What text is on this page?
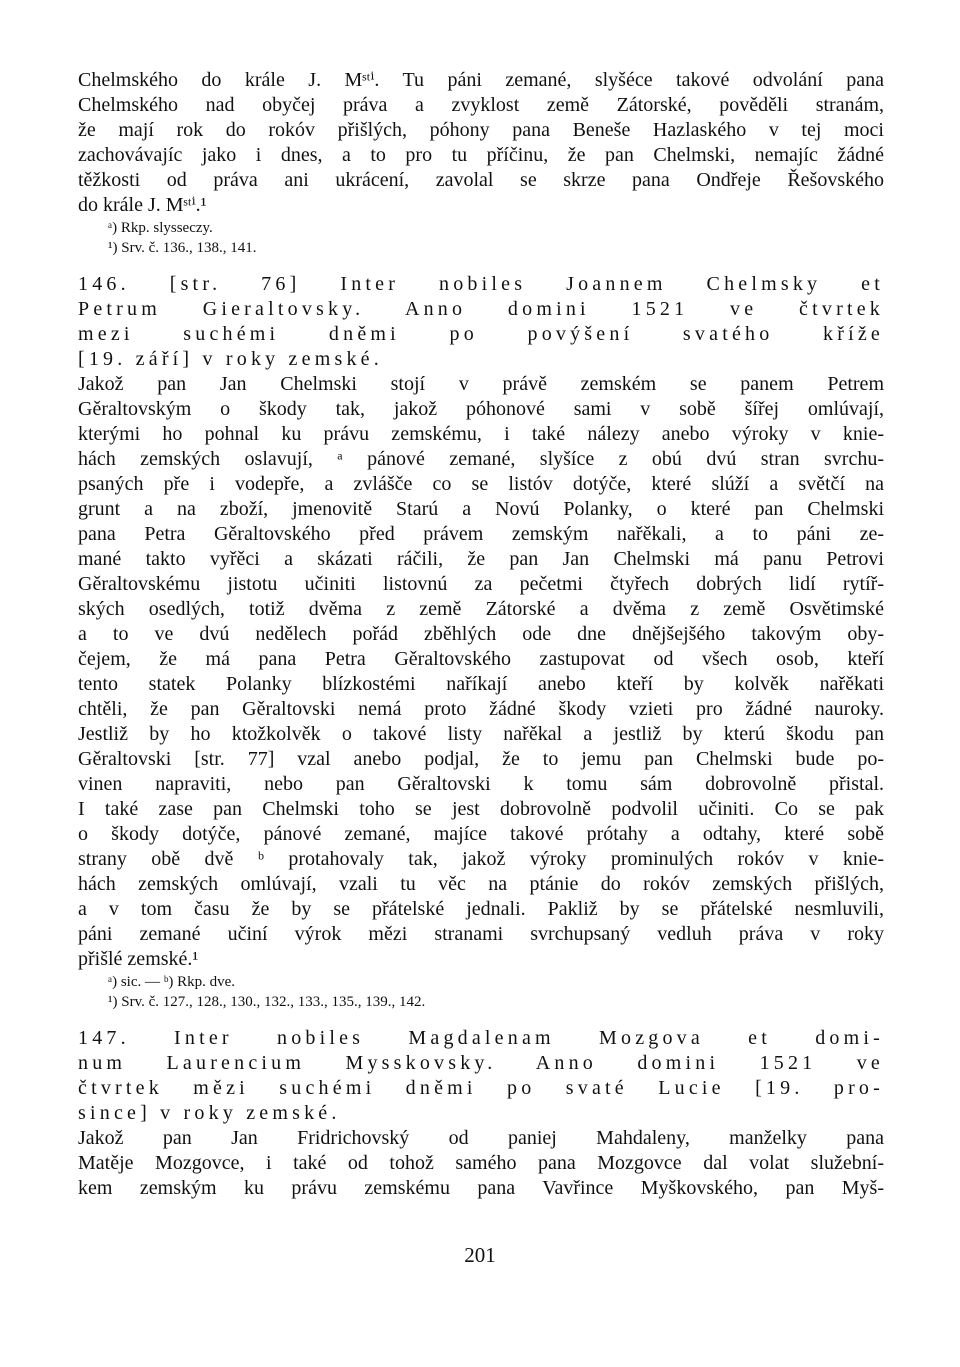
Chelmského do krále J. Mˢᵗⁱ. Tu páni zemané, slyšéce takové odvolání pana

Chelmského nad obyčej práva a zvyklost země Zátorské, pověděli stranám,

že mají rok do rokóv přišlých, póhony pana Beneše Hazlaského v tej moci

zachovávajíc jako i dnes, a to pro tu příčinu, že pan Chelmski, nemajíc žádné

těžkosti od práva ani ukrácení, zavolal se skrze pana Ondřeje Řešovského

do krále J. Mˢᵗⁱ.¹

ᵃ) Rkp. slysseczy.

¹) Srv. č. 136., 138., 141.

146. [str. 76] Inter nobiles Joannem Chelmsky et

Petrum Gieraltovsky. Anno domini 1521 ve čtvrtek

mezi suchémi dněmi po povýšení svatého kříže

[19. září] v roky zemské.

Jakož pan Jan Chelmski stojí v právě zemském se panem Petrem

Gěraltovským o škody tak, jakož póhonové sami v sobě šířej omlúvají,

kterými ho pohnal ku právu zemskému, i také nálezy anebo výroky v knie-

hách zemských oslavují, ᵃ pánové zemané, slyšíce z obú dvú stran svrchu-

psaných pře i vodepře, a zvlášče co se listóv dotýče, které slúží a světčí na

grunt a na zboží, jmenovitě Starú a Novú Polanky, o které pan Chelmski

pana Petra Gěraltovského před právem zemským nařěkali, a to páni ze-

mané takto vyřěci a skázati ráčili, že pan Jan Chelmski má panu Petrovi

Gěraltovskému jistotu učiniti listovnú za pečetmi čtyřech dobrých lidí rytíř-

ských osedlých, totiž dvěma z země Zátorské a dvěma z země Osvětimské

a to ve dvú nedělech pořád zběhlých ode dne dnějšejšého takovým oby-

čejem, že má pana Petra Gěraltovského zastupovat od všech osob, kteří

tento statek Polanky blízkostémi naříkají anebo kteří by kolvěk nařěkati

chtěli, že pan Gěraltovski nemá proto žádné škody vzieti pro žádné nauroky.

Jestliž by ho ktožkolvěk o takové listy nařěkal a jestliž by kterú škodu pan

Gěraltovski [str. 77] vzal anebo podjal, že to jemu pan Chelmski bude po-

vinen napraviti, nebo pan Gěraltovski k tomu sám dobrovolně přistal.

I také zase pan Chelmski toho se jest dobrovolně podvolil učiniti. Co se pak

o škody dotýče, pánové zemané, majíce takové prótahy a odtahy, které sobě

strany obě dvě ᵇ protahovaly tak, jakož výroky prominulých rokóv v knie-

hách zemských omlúvají, vzali tu věc na ptánie do rokóv zemských přišlých,

a v tom času že by se přátelské jednali. Pakliž by se přátelské nesmluvili,

páni zemané učiní výrok mězi stranami svrchupsaný vedluh práva v roky

přišlé zemské.¹

ᵃ) sic. — ᵇ) Rkp. dve.

¹) Srv. č. 127., 128., 130., 132., 133., 135., 139., 142.

147. Inter nobiles Magdalenam Mozgova et domi-

num Laurencium Mysskovsky. Anno domini 1521 ve

čtvrtek mězi suchémi dněmi po svaté Lucie [19. pro-

since] v roky zemské.

Jakož pan Jan Fridrichovský od paniej Mahdaleny, manželky pana

Matěje Mozgovce, i také od tohož samého pana Mozgovce dal volat služební-

kem zemským ku právu zemskému pana Vavřince Myškovského, pan Myš-

201
